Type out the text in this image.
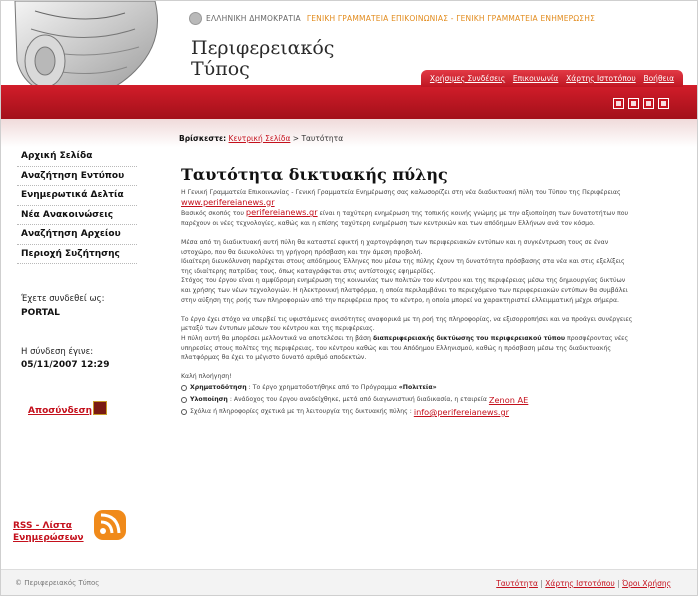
ΕΛΛΗΝΙΚΗ ΔΗΜΟΚΡΑΤΙΑ ΓΕΝΙΚΗ ΓΡΑΜΜΑΤΕΙΑ ΕΠΙΚΟΙΝΩΝΙΑΣ - ΓΕΝΙΚΗ ΓΡΑΜΜΑΤΕΙΑ ΕΝΗΜΕΡΩΣΗΣ
Περιφερειακός
Τύπος	Χρήσιμες Συνδέσεις Επικοινωνία Χάρτης Ιστοτόπου Βοήθεια
Αρχική Σελίδα
Αναζήτηση Εντύπου
Ενημερωτικά Δελτία
Νέα Ανακοινώσεις
Αναζήτηση Αρχείου
Περιοχή Συζήτησης
Έχετε συνδεθεί ως:
PORTAL
Η σύνδεση έγινε:
05/11/2007 12:29
Αποσύνδεση
RSS - Λίστα Ενημερώσεων
Βρίσκεστε: Κεντρική Σελίδα > Ταυτότητα
Ταυτότητα δικτυακής πύλης

Η Γενική Γραμματεία Επικοινωνίας - Γενική Γραμματεία Ενημέρωσης σας καλωσορίζει στη νέα διαδικτυακή πύλη του Τύπου της Περιφέρειας
www.perifereianews.gr

Βασικός σκοπός του perifereianews.gr είναι η ταχύτερη ενημέρωση της τοπικής κοινής γνώμης με την αξιοποίηση των δυνατοτήτων που παρέχουν οι νέες τεχνολογίες, καθώς και η επίσης ταχύτερη ενημέρωση των κεντρικών και των απόδημων Ελλήνων ανά τον κόσμο.

Μέσα από τη διαδικτυακή αυτή πύλη θα καταστεί εφικτή η χαρτογράφηση των περιφερειακών εντύπων και η συγκέντρωση τους σε έναν ιστοχώρο, που θα διευκολύνει τη γρήγορη πρόσβαση και την άμεση προβολή.

Ιδιαίτερη διευκόλυνση παρέχεται στους απόδημους Έλληνες που μέσω της πύλης έχουν τη δυνατότητα πρόσβασης στα νέα και στις εξελίξεις της ιδιαίτερης πατρίδας τους, όπως καταγράφεται στις αντίστοιχες εφημερίδες.

Στόχος του έργου είναι η αμφίδρομη ενημέρωση της κοινωνίας των πολιτών του κέντρου και της περιφέρειας μέσω της δημιουργίας δικτύων και χρήσης των νέων τεχνολογιών. Η ηλεκτρονική πλατφόρμα, η οποία περιλαμβάνει το περιεχόμενο των περιφερειακών εντύπων θα συμβάλει στην αύξηση της ροής των πληροφοριών από την περιφέρεια προς το κέντρο, η οποία μπορεί να χαρακτηριστεί ελλειμματική μέχρι σήμερα.

Το έργο έχει στόχο να υπερβεί τις υφιστάμενες ανισότητες αναφορικά με τη ροή της πληροφορίας, να εξισορροπήσει και να προάγει συνέργειες μεταξύ των έντυπων μέσων του κέντρου και της περιφέρειας.

Η πύλη αυτή θα μπορέσει μελλοντικά να αποτελέσει τη βάση διαπεριφερειακής δικτύωσης του περιφερειακού τύπου προσφέροντας νέες υπηρεσίες στους πολίτες της περιφέρειας, του κέντρου καθώς και του Απόδημου Ελληνισμού, καθώς η πρόσβαση μέσω της διαδικτυακής πλατφόρμας θα έχει το μέγιστο δυνατό αριθμό αποδεκτών.

Καλή πλοήγηση!

Χρηματοδότηση
: Το έργο χρηματοδοτήθηκε από το Πρόγραμμα
«Πολιτεία»
Υλοποίηση
: Ανάδοχος του έργου αναδείχθηκε, μετά από διαγωνιστική διαδικασία, η εταιρεία
Zenon AE
Σχόλια ή πληροφορίες σχετικά με τη λειτουργία της δικτυακής πύλης :
info@perifereianews.gr
© Περιφερειακός Τύπος	Ταυτότητα | Χάρτης Ιστοτόπου | Όροι Χρήσης
